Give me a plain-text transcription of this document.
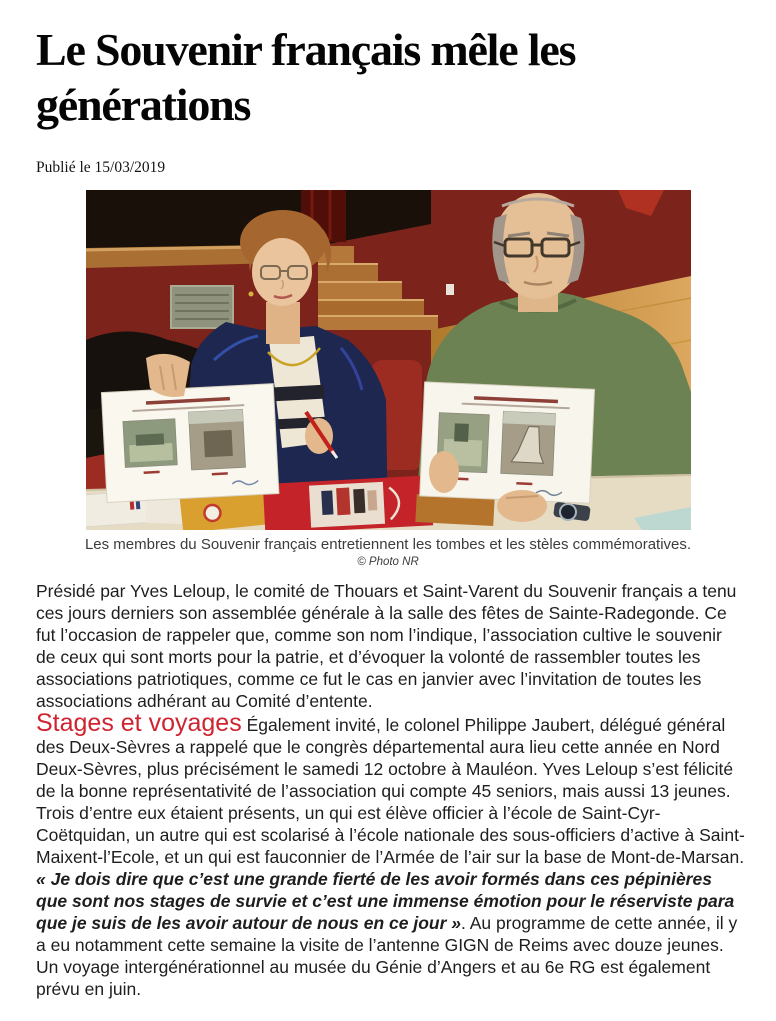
Le Souvenir français mêle les générations
Publié le 15/03/2019
Les membres du Souvenir français entretiennent les tombes et les stèles commémoratives.
© Photo NR

Présidé par Yves Leloup, le comité de Thouars et Saint-Varent du Souvenir français a tenu ces jours derniers son assemblée générale à la salle des fêtes de Sainte-Radegonde. Ce fut l’occasion de rappeler que, comme son nom l’indique, l’association cultive le souvenir de ceux qui sont morts pour la patrie, et d’évoquer la volonté de rassembler toutes les associations patriotiques, comme ce fut le cas en janvier avec l’invitation de toutes les associations adhérant au Comité d’entente.

Stages et voyages Également invité, le colonel Philippe Jaubert, délégué général des Deux-Sèvres a rappelé que le congrès départemental aura lieu cette année en Nord Deux-Sèvres, plus précisément le samedi 12 octobre à Mauléon. Yves Leloup s’est félicité de la bonne représentativité de l’association qui compte 45 seniors, mais aussi 13 jeunes. Trois d’entre eux étaient présents, un qui est élève officier à l’école de Saint-Cyr-Coëtquidan, un autre qui est scolarisé à l’école nationale des sous-officiers d’active à Saint-Maixent-l’Ecole, et un qui est fauconnier de l’Armée de l’air sur la base de Mont-de-Marsan. « Je dois dire que c’est une grande fierté de les avoir formés dans ces pépinières que sont nos stages de survie et c’est une immense émotion pour le réserviste para que je suis de les avoir autour de nous en ce jour ». Au programme de cette année, il y a eu notamment cette semaine la visite de l’antenne GIGN de Reims avec douze jeunes. Un voyage intergénérationnel au musée du Génie d’Angers et au 6e RG est également prévu en juin.
